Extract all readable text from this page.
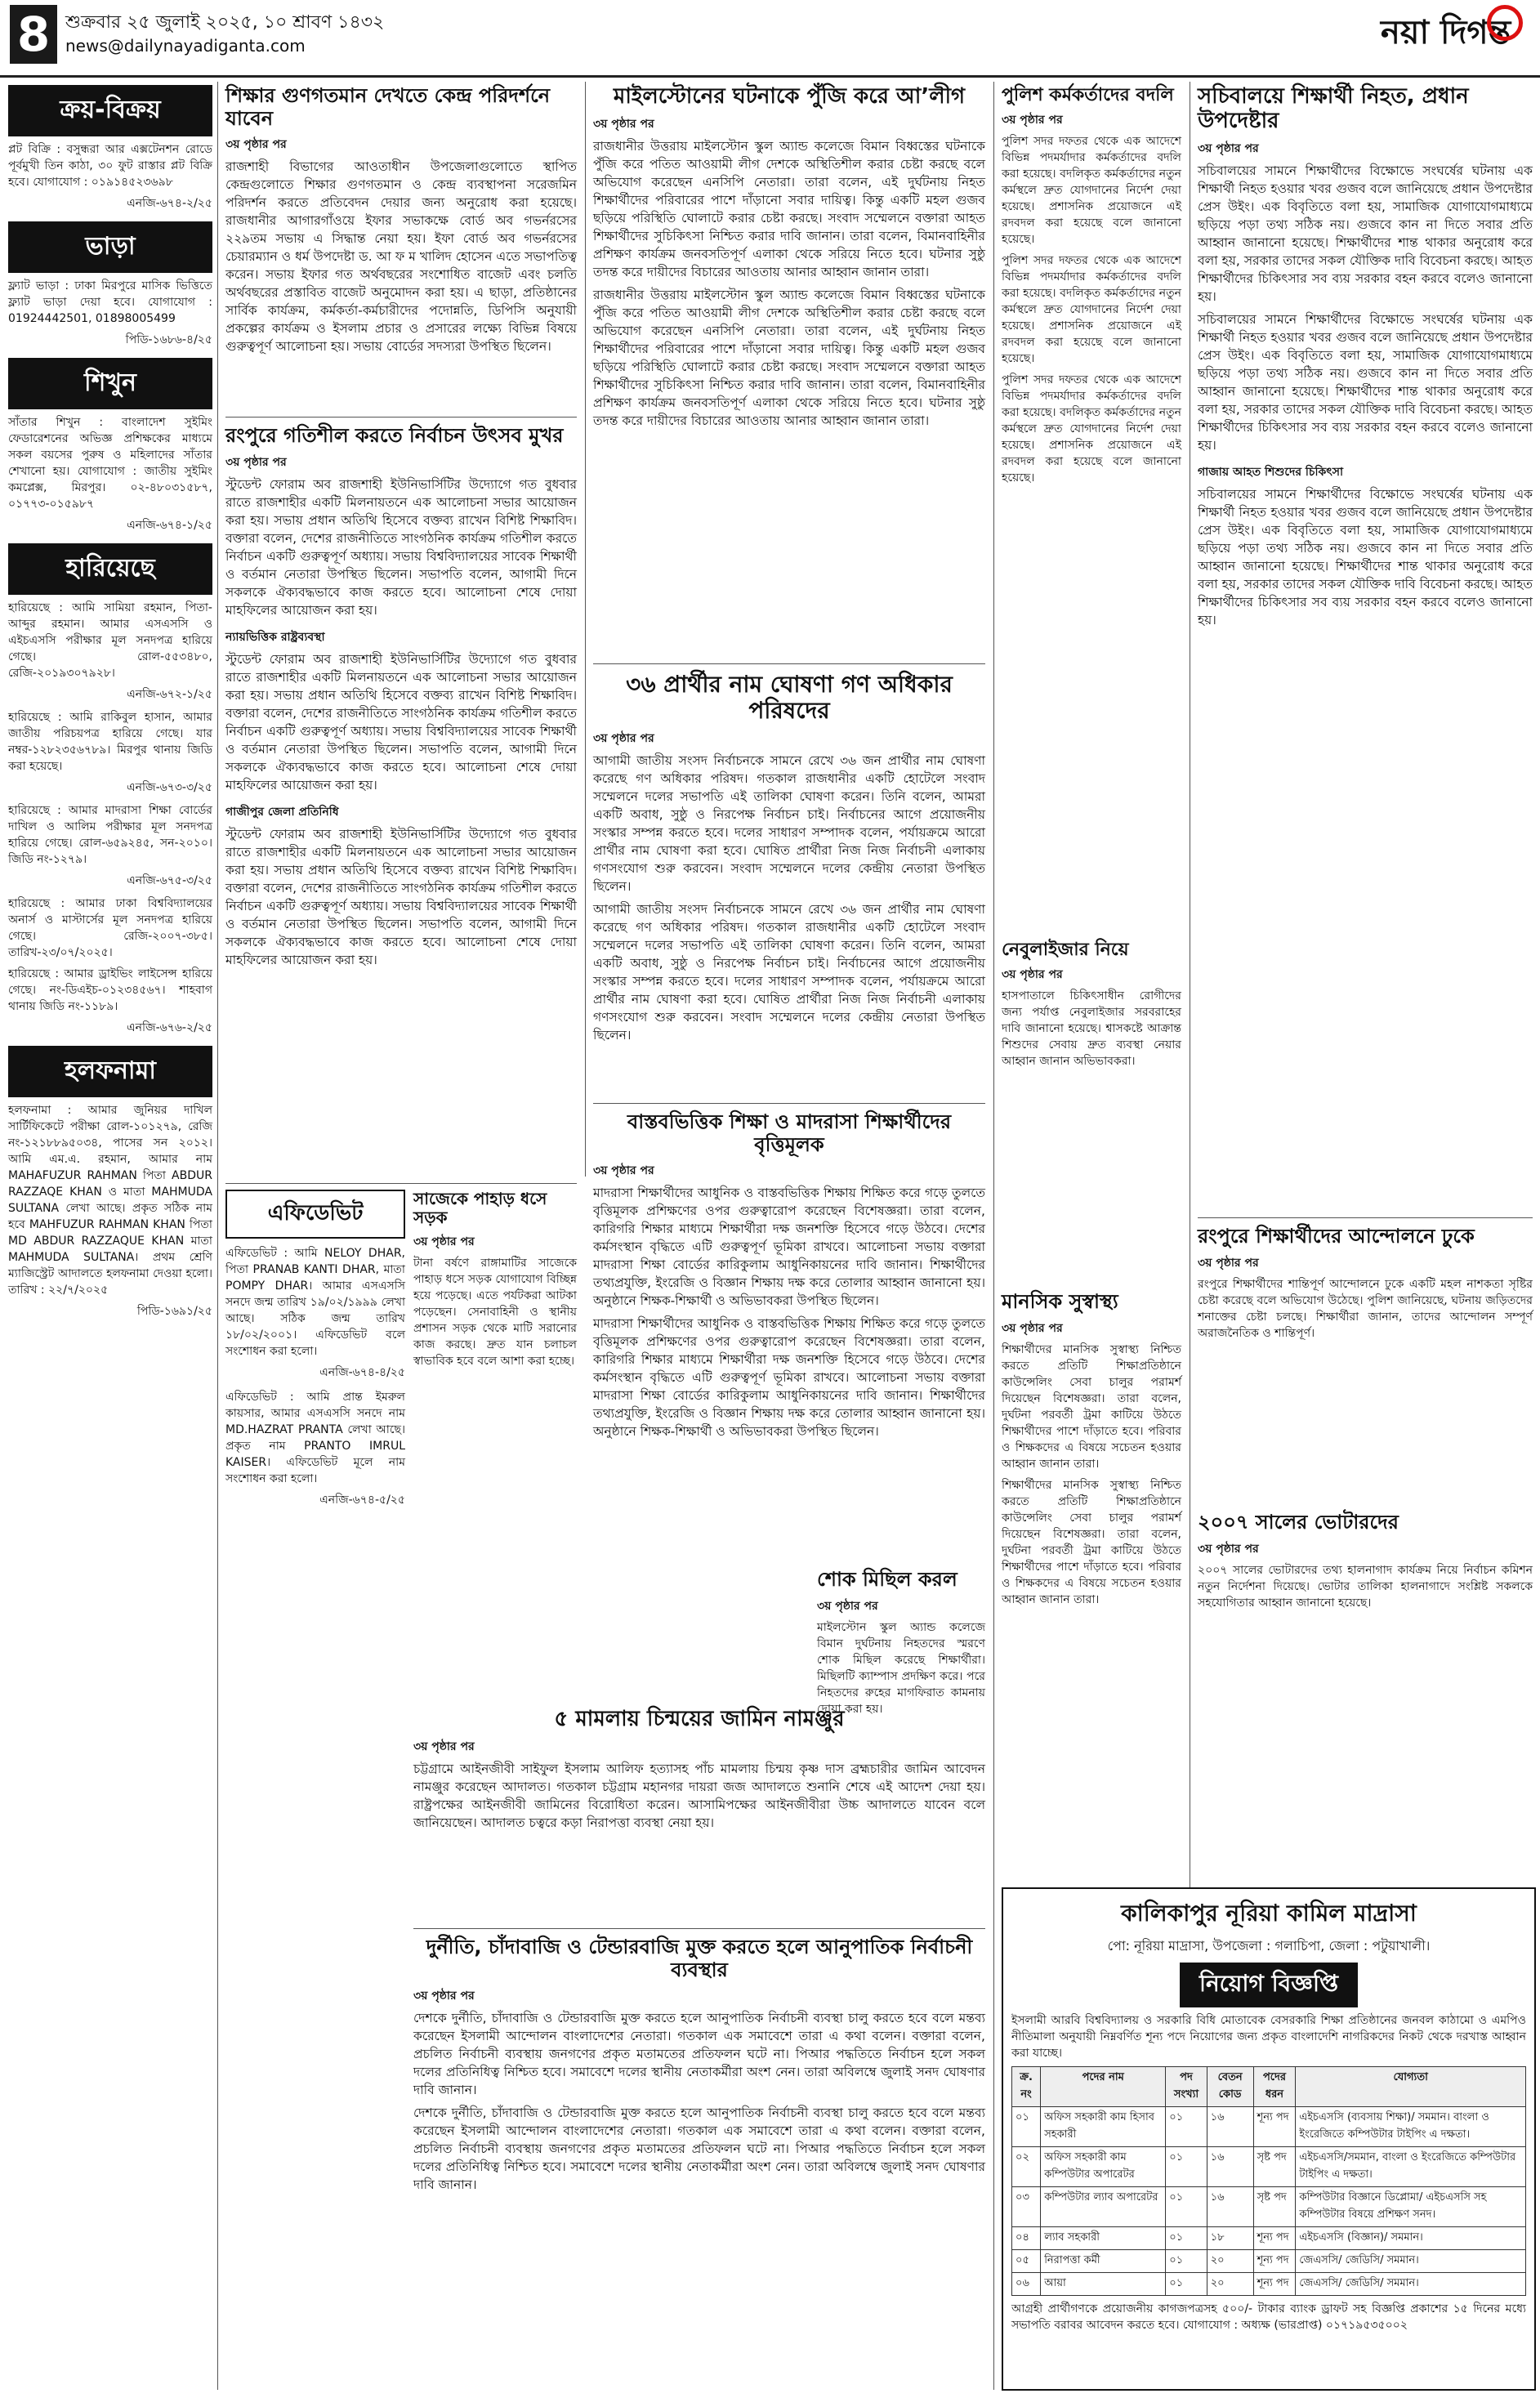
8 শুক্রবার ২৫ জুলাই ২০২৫, ১০ শ্রাবণ ১৪৩২
news@dailynayadiganta.com	নয়া দিগন্ত
ক্রয়-বিক্রয়

প্লট বিক্রি : বসুন্ধরা আর এক্সটেনশন রোডে পূর্বমুখী তিন কাঠা, ৩০ ফুট রাস্তার প্লট বিক্রি হবে। যোগাযোগ : ০১৯১৪৫২৩৬৯৮

এনজি-৬৭৪-২/২৫

ভাড়া

ফ্ল্যাট ভাড়া : ঢাকা মিরপুরে মাসিক ভিত্তিতে ফ্ল্যাট ভাড়া দেয়া হবে। যোগাযোগ : 01924442501, 01898005499

পিডি-১৬৮৬-৪/২৫

শিখুন

সাঁতার শিখুন : বাংলাদেশ সুইমিং ফেডারেশনের অভিজ্ঞ প্রশিক্ষকের মাধ্যমে সকল বয়সের পুরুষ ও মহিলাদের সাঁতার শেখানো হয়। যোগাযোগ : জাতীয় সুইমিং কমপ্লেক্স, মিরপুর। ০২-৪৮০৩১৫৮৭, ০১৭৭৩-০১৫৯৮৭

এনজি-৬৭৪-১/২৫

হারিয়েছে

হারিয়েছে : আমি সামিয়া রহমান, পিতা-আব্দুর রহমান। আমার এসএসসি ও এইচএসসি পরীক্ষার মূল সনদপত্র হারিয়ে গেছে। রোল-৫৫৩৪৮০, রেজি-২০১৯৩০৭৯২৮।

এনজি-৬৭২-১/২৫

হারিয়েছে : আমি রাকিবুল হাসান, আমার জাতীয় পরিচয়পত্র হারিয়ে গেছে। যার নম্বর-১২৮২৩৫৬৭৮৯। মিরপুর থানায় জিডি করা হয়েছে।

এনজি-৬৭৩-৩/২৫

হারিয়েছে : আমার মাদরাসা শিক্ষা বোর্ডের দাখিল ও আলিম পরীক্ষার মূল সনদপত্র হারিয়ে গেছে। রোল-৬৫৯২৪৫, সন-২০১০। জিডি নং-১২৭৯।

এনজি-৬৭৫-৩/২৫

হারিয়েছে : আমার ঢাকা বিশ্ববিদ্যালয়ের অনার্স ও মাস্টার্সের মূল সনদপত্র হারিয়ে গেছে। রেজি-২০০৭-৩৮৫। তারিখ-২৩/০৭/২০২৫।

হারিয়েছে : আমার ড্রাইভিং লাইসেন্স হারিয়ে গেছে। নং-ডিএইচ-০১২৩৪৫৬৭। শাহবাগ থানায় জিডি নং-১১৮৯।

এনজি-৬৭৬-২/২৫

হলফনামা

হলফনামা : আমার জুনিয়র দাখিল সার্টিফিকেটে পরীক্ষা রোল-১০১২৭৯, রেজি নং-১২১৮৮৯৫০৩৪, পাসের সন ২০১২। আমি এম.এ. রহমান, আমার নাম MAHAFUZUR RAHMAN পিতা ABDUR RAZZAQE KHAN ও মাতা MAHMUDA SULTANA লেখা আছে। প্রকৃত সঠিক নাম হবে MAHFUZUR RAHMAN KHAN পিতা MD ABDUR RAZZAQUE KHAN মাতা MAHMUDA SULTANA। প্রথম শ্রেণি ম্যাজিস্ট্রেট আদালতে হলফনামা দেওয়া হলো। তারিখ : ২২/৭/২০২৫

পিডি-১৬৯১/২৫

শিক্ষার গুণগতমান দেখতে কেন্দ্র পরিদর্শনে যাবেন

৩য় পৃষ্ঠার পর

রাজশাহী বিভাগের আওতাধীন উপজেলাগুলোতে স্থাপিত কেন্দ্রগুলোতে শিক্ষার গুণগতমান ও কেন্দ্র ব্যবস্থাপনা সরেজমিন পরিদর্শন করতে প্রতিবেদন দেয়ার জন্য অনুরোধ করা হয়েছে। রাজধানীর আগারগাঁওয়ে ইফার সভাকক্ষে বোর্ড অব গভর্নরসের ২২৯তম সভায় এ সিদ্ধান্ত নেয়া হয়। ইফা বোর্ড অব গভর্নরসের চেয়ারম্যান ও ধর্ম উপদেষ্টা ড. আ ফ ম খালিদ হোসেন এতে সভাপতিত্ব করেন। সভায় ইফার গত অর্থবছরের সংশোধিত বাজেট এবং চলতি অর্থবছরের প্রস্তাবিত বাজেট অনুমোদন করা হয়। এ ছাড়া, প্রতিষ্ঠানের সার্বিক কার্যক্রম, কর্মকর্তা-কর্মচারীদের পদোন্নতি, ডিপিসি অনুযায়ী প্রকল্পের কার্যক্রম ও ইসলাম প্রচার ও প্রসারের লক্ষ্যে বিভিন্ন বিষয়ে গুরুত্বপূর্ণ আলোচনা হয়। সভায় বোর্ডের সদস্যরা উপস্থিত ছিলেন।

রংপুরে গতিশীল করতে নির্বাচন উৎসব মুখর

৩য় পৃষ্ঠার পর

স্টুডেন্ট ফোরাম অব রাজশাহী ইউনিভার্সিটির উদ্যোগে গত বুধবার রাতে রাজশাহীর একটি মিলনায়তনে এক আলোচনা সভার আয়োজন করা হয়। সভায় প্রধান অতিথি হিসেবে বক্তব্য রাখেন বিশিষ্ট শিক্ষাবিদ। বক্তারা বলেন, দেশের রাজনীতিতে সাংগঠনিক কার্যক্রম গতিশীল করতে নির্বাচন একটি গুরুত্বপূর্ণ অধ্যায়। সভায় বিশ্ববিদ্যালয়ের সাবেক শিক্ষার্থী ও বর্তমান নেতারা উপস্থিত ছিলেন। সভাপতি বলেন, আগামী দিনে সকলকে ঐক্যবদ্ধভাবে কাজ করতে হবে। আলোচনা শেষে দোয়া মাহফিলের আয়োজন করা হয়।

ন্যায়ভিত্তিক রাষ্ট্রব্যবস্থা

স্টুডেন্ট ফোরাম অব রাজশাহী ইউনিভার্সিটির উদ্যোগে গত বুধবার রাতে রাজশাহীর একটি মিলনায়তনে এক আলোচনা সভার আয়োজন করা হয়। সভায় প্রধান অতিথি হিসেবে বক্তব্য রাখেন বিশিষ্ট শিক্ষাবিদ। বক্তারা বলেন, দেশের রাজনীতিতে সাংগঠনিক কার্যক্রম গতিশীল করতে নির্বাচন একটি গুরুত্বপূর্ণ অধ্যায়। সভায় বিশ্ববিদ্যালয়ের সাবেক শিক্ষার্থী ও বর্তমান নেতারা উপস্থিত ছিলেন। সভাপতি বলেন, আগামী দিনে সকলকে ঐক্যবদ্ধভাবে কাজ করতে হবে। আলোচনা শেষে দোয়া মাহফিলের আয়োজন করা হয়।

গাজীপুর জেলা প্রতিনিধি

স্টুডেন্ট ফোরাম অব রাজশাহী ইউনিভার্সিটির উদ্যোগে গত বুধবার রাতে রাজশাহীর একটি মিলনায়তনে এক আলোচনা সভার আয়োজন করা হয়। সভায় প্রধান অতিথি হিসেবে বক্তব্য রাখেন বিশিষ্ট শিক্ষাবিদ। বক্তারা বলেন, দেশের রাজনীতিতে সাংগঠনিক কার্যক্রম গতিশীল করতে নির্বাচন একটি গুরুত্বপূর্ণ অধ্যায়। সভায় বিশ্ববিদ্যালয়ের সাবেক শিক্ষার্থী ও বর্তমান নেতারা উপস্থিত ছিলেন। সভাপতি বলেন, আগামী দিনে সকলকে ঐক্যবদ্ধভাবে কাজ করতে হবে। আলোচনা শেষে দোয়া মাহফিলের আয়োজন করা হয়।

এফিডেভিট

এফিডেভিট : আমি NELOY DHAR, পিতা PRANAB KANTI DHAR, মাতা POMPY DHAR। আমার এসএসসি সনদে জন্ম তারিখ ১৯/০২/১৯৯৯ লেখা আছে। সঠিক জন্ম তারিখ ১৮/০২/২০০১। এফিডেভিট বলে সংশোধন করা হলো।

এনজি-৬৭৪-৪/২৫

এফিডেভিট : আমি প্রান্ত ইমরুল কায়সার, আমার এসএসসি সনদে নাম MD.HAZRAT PRANTA লেখা আছে। প্রকৃত নাম PRANTO IMRUL KAISER। এফিডেভিট মূলে নাম সংশোধন করা হলো।

এনজি-৬৭৪-৫/২৫

সাজেকে পাহাড় ধসে সড়ক

৩য় পৃষ্ঠার পর

টানা বর্ষণে রাঙ্গামাটির সাজেকে পাহাড় ধসে সড়ক যোগাযোগ বিচ্ছিন্ন হয়ে পড়েছে। এতে পর্যটকরা আটকা পড়েছেন। সেনাবাহিনী ও স্থানীয় প্রশাসন সড়ক থেকে মাটি সরানোর কাজ করছে। দ্রুত যান চলাচল স্বাভাবিক হবে বলে আশা করা হচ্ছে।

মাইলস্টোনের ঘটনাকে পুঁজি করে আ’লীগ

৩য় পৃষ্ঠার পর

রাজধানীর উত্তরায় মাইলস্টোন স্কুল অ্যান্ড কলেজে বিমান বিধ্বস্তের ঘটনাকে পুঁজি করে পতিত আওয়ামী লীগ দেশকে অস্থিতিশীল করার চেষ্টা করছে বলে অভিযোগ করেছেন এনসিপি নেতারা। তারা বলেন, এই দুর্ঘটনায় নিহত শিক্ষার্থীদের পরিবারের পাশে দাঁড়ানো সবার দায়িত্ব। কিন্তু একটি মহল গুজব ছড়িয়ে পরিস্থিতি ঘোলাটে করার চেষ্টা করছে। সংবাদ সম্মেলনে বক্তারা আহত শিক্ষার্থীদের সুচিকিৎসা নিশ্চিত করার দাবি জানান। তারা বলেন, বিমানবাহিনীর প্রশিক্ষণ কার্যক্রম জনবসতিপূর্ণ এলাকা থেকে সরিয়ে নিতে হবে। ঘটনার সুষ্ঠু তদন্ত করে দায়ীদের বিচারের আওতায় আনার আহ্বান জানান তারা।

রাজধানীর উত্তরায় মাইলস্টোন স্কুল অ্যান্ড কলেজে বিমান বিধ্বস্তের ঘটনাকে পুঁজি করে পতিত আওয়ামী লীগ দেশকে অস্থিতিশীল করার চেষ্টা করছে বলে অভিযোগ করেছেন এনসিপি নেতারা। তারা বলেন, এই দুর্ঘটনায় নিহত শিক্ষার্থীদের পরিবারের পাশে দাঁড়ানো সবার দায়িত্ব। কিন্তু একটি মহল গুজব ছড়িয়ে পরিস্থিতি ঘোলাটে করার চেষ্টা করছে। সংবাদ সম্মেলনে বক্তারা আহত শিক্ষার্থীদের সুচিকিৎসা নিশ্চিত করার দাবি জানান। তারা বলেন, বিমানবাহিনীর প্রশিক্ষণ কার্যক্রম জনবসতিপূর্ণ এলাকা থেকে সরিয়ে নিতে হবে। ঘটনার সুষ্ঠু তদন্ত করে দায়ীদের বিচারের আওতায় আনার আহ্বান জানান তারা।

৩৬ প্রার্থীর নাম ঘোষণা গণ অধিকার পরিষদের

৩য় পৃষ্ঠার পর

আগামী জাতীয় সংসদ নির্বাচনকে সামনে রেখে ৩৬ জন প্রার্থীর নাম ঘোষণা করেছে গণ অধিকার পরিষদ। গতকাল রাজধানীর একটি হোটেলে সংবাদ সম্মেলনে দলের সভাপতি এই তালিকা ঘোষণা করেন। তিনি বলেন, আমরা একটি অবাধ, সুষ্ঠু ও নিরপেক্ষ নির্বাচন চাই। নির্বাচনের আগে প্রয়োজনীয় সংস্কার সম্পন্ন করতে হবে। দলের সাধারণ সম্পাদক বলেন, পর্যায়ক্রমে আরো প্রার্থীর নাম ঘোষণা করা হবে। ঘোষিত প্রার্থীরা নিজ নিজ নির্বাচনী এলাকায় গণসংযোগ শুরু করবেন। সংবাদ সম্মেলনে দলের কেন্দ্রীয় নেতারা উপস্থিত ছিলেন।

আগামী জাতীয় সংসদ নির্বাচনকে সামনে রেখে ৩৬ জন প্রার্থীর নাম ঘোষণা করেছে গণ অধিকার পরিষদ। গতকাল রাজধানীর একটি হোটেলে সংবাদ সম্মেলনে দলের সভাপতি এই তালিকা ঘোষণা করেন। তিনি বলেন, আমরা একটি অবাধ, সুষ্ঠু ও নিরপেক্ষ নির্বাচন চাই। নির্বাচনের আগে প্রয়োজনীয় সংস্কার সম্পন্ন করতে হবে। দলের সাধারণ সম্পাদক বলেন, পর্যায়ক্রমে আরো প্রার্থীর নাম ঘোষণা করা হবে। ঘোষিত প্রার্থীরা নিজ নিজ নির্বাচনী এলাকায় গণসংযোগ শুরু করবেন। সংবাদ সম্মেলনে দলের কেন্দ্রীয় নেতারা উপস্থিত ছিলেন।

বাস্তবভিত্তিক শিক্ষা ও মাদরাসা শিক্ষার্থীদের বৃত্তিমূলক

৩য় পৃষ্ঠার পর

মাদরাসা শিক্ষার্থীদের আধুনিক ও বাস্তবভিত্তিক শিক্ষায় শিক্ষিত করে গড়ে তুলতে বৃত্তিমূলক প্রশিক্ষণের ওপর গুরুত্বারোপ করেছেন বিশেষজ্ঞরা। তারা বলেন, কারিগরি শিক্ষার মাধ্যমে শিক্ষার্থীরা দক্ষ জনশক্তি হিসেবে গড়ে উঠবে। দেশের কর্মসংস্থান বৃদ্ধিতে এটি গুরুত্বপূর্ণ ভূমিকা রাখবে। আলোচনা সভায় বক্তারা মাদরাসা শিক্ষা বোর্ডের কারিকুলাম আধুনিকায়নের দাবি জানান। শিক্ষার্থীদের তথ্যপ্রযুক্তি, ইংরেজি ও বিজ্ঞান শিক্ষায় দক্ষ করে তোলার আহ্বান জানানো হয়। অনুষ্ঠানে শিক্ষক-শিক্ষার্থী ও অভিভাবকরা উপস্থিত ছিলেন।

মাদরাসা শিক্ষার্থীদের আধুনিক ও বাস্তবভিত্তিক শিক্ষায় শিক্ষিত করে গড়ে তুলতে বৃত্তিমূলক প্রশিক্ষণের ওপর গুরুত্বারোপ করেছেন বিশেষজ্ঞরা। তারা বলেন, কারিগরি শিক্ষার মাধ্যমে শিক্ষার্থীরা দক্ষ জনশক্তি হিসেবে গড়ে উঠবে। দেশের কর্মসংস্থান বৃদ্ধিতে এটি গুরুত্বপূর্ণ ভূমিকা রাখবে। আলোচনা সভায় বক্তারা মাদরাসা শিক্ষা বোর্ডের কারিকুলাম আধুনিকায়নের দাবি জানান। শিক্ষার্থীদের তথ্যপ্রযুক্তি, ইংরেজি ও বিজ্ঞান শিক্ষায় দক্ষ করে তোলার আহ্বান জানানো হয়। অনুষ্ঠানে শিক্ষক-শিক্ষার্থী ও অভিভাবকরা উপস্থিত ছিলেন।

শোক মিছিল করল

৩য় পৃষ্ঠার পর

মাইলস্টোন স্কুল অ্যান্ড কলেজে বিমান দুর্ঘটনায় নিহতদের স্মরণে শোক মিছিল করেছে শিক্ষার্থীরা। মিছিলটি ক্যাম্পাস প্রদক্ষিণ করে। পরে নিহতদের রুহের মাগফিরাত কামনায় দোয়া করা হয়।

৫ মামলায় চিন্ময়ের জামিন নামঞ্জুর

৩য় পৃষ্ঠার পর

চট্টগ্রামে আইনজীবী সাইফুল ইসলাম আলিফ হত্যাসহ পাঁচ মামলায় চিন্ময় কৃষ্ণ দাস ব্রহ্মচারীর জামিন আবেদন নামঞ্জুর করেছেন আদালত। গতকাল চট্টগ্রাম মহানগর দায়রা জজ আদালতে শুনানি শেষে এই আদেশ দেয়া হয়। রাষ্ট্রপক্ষের আইনজীবী জামিনের বিরোধিতা করেন। আসামিপক্ষের আইনজীবীরা উচ্চ আদালতে যাবেন বলে জানিয়েছেন। আদালত চত্বরে কড়া নিরাপত্তা ব্যবস্থা নেয়া হয়।

দুর্নীতি, চাঁদাবাজি ও টেন্ডারবাজি মুক্ত করতে হলে আনুপাতিক নির্বাচনী ব্যবস্থার

৩য় পৃষ্ঠার পর

দেশকে দুর্নীতি, চাঁদাবাজি ও টেন্ডারবাজি মুক্ত করতে হলে আনুপাতিক নির্বাচনী ব্যবস্থা চালু করতে হবে বলে মন্তব্য করেছেন ইসলামী আন্দোলন বাংলাদেশের নেতারা। গতকাল এক সমাবেশে তারা এ কথা বলেন। বক্তারা বলেন, প্রচলিত নির্বাচনী ব্যবস্থায় জনগণের প্রকৃত মতামতের প্রতিফলন ঘটে না। পিআর পদ্ধতিতে নির্বাচন হলে সকল দলের প্রতিনিধিত্ব নিশ্চিত হবে। সমাবেশে দলের স্থানীয় নেতাকর্মীরা অংশ নেন। তারা অবিলম্বে জুলাই সনদ ঘোষণার দাবি জানান।

দেশকে দুর্নীতি, চাঁদাবাজি ও টেন্ডারবাজি মুক্ত করতে হলে আনুপাতিক নির্বাচনী ব্যবস্থা চালু করতে হবে বলে মন্তব্য করেছেন ইসলামী আন্দোলন বাংলাদেশের নেতারা। গতকাল এক সমাবেশে তারা এ কথা বলেন। বক্তারা বলেন, প্রচলিত নির্বাচনী ব্যবস্থায় জনগণের প্রকৃত মতামতের প্রতিফলন ঘটে না। পিআর পদ্ধতিতে নির্বাচন হলে সকল দলের প্রতিনিধিত্ব নিশ্চিত হবে। সমাবেশে দলের স্থানীয় নেতাকর্মীরা অংশ নেন। তারা অবিলম্বে জুলাই সনদ ঘোষণার দাবি জানান।

পুলিশ কর্মকর্তাদের বদলি

৩য় পৃষ্ঠার পর

পুলিশ সদর দফতর থেকে এক আদেশে বিভিন্ন পদমর্যাদার কর্মকর্তাদের বদলি করা হয়েছে। বদলিকৃত কর্মকর্তাদের নতুন কর্মস্থলে দ্রুত যোগদানের নির্দেশ দেয়া হয়েছে। প্রশাসনিক প্রয়োজনে এই রদবদল করা হয়েছে বলে জানানো হয়েছে।

পুলিশ সদর দফতর থেকে এক আদেশে বিভিন্ন পদমর্যাদার কর্মকর্তাদের বদলি করা হয়েছে। বদলিকৃত কর্মকর্তাদের নতুন কর্মস্থলে দ্রুত যোগদানের নির্দেশ দেয়া হয়েছে। প্রশাসনিক প্রয়োজনে এই রদবদল করা হয়েছে বলে জানানো হয়েছে।

পুলিশ সদর দফতর থেকে এক আদেশে বিভিন্ন পদমর্যাদার কর্মকর্তাদের বদলি করা হয়েছে। বদলিকৃত কর্মকর্তাদের নতুন কর্মস্থলে দ্রুত যোগদানের নির্দেশ দেয়া হয়েছে। প্রশাসনিক প্রয়োজনে এই রদবদল করা হয়েছে বলে জানানো হয়েছে।

নেবুলাইজার নিয়ে

৩য় পৃষ্ঠার পর

হাসপাতালে চিকিৎসাধীন রোগীদের জন্য পর্যাপ্ত নেবুলাইজার সরবরাহের দাবি জানানো হয়েছে। শ্বাসকষ্টে আক্রান্ত শিশুদের সেবায় দ্রুত ব্যবস্থা নেয়ার আহ্বান জানান অভিভাবকরা।

মানসিক সুস্বাস্থ্য

৩য় পৃষ্ঠার পর

শিক্ষার্থীদের মানসিক সুস্বাস্থ্য নিশ্চিত করতে প্রতিটি শিক্ষাপ্রতিষ্ঠানে কাউন্সেলিং সেবা চালুর পরামর্শ দিয়েছেন বিশেষজ্ঞরা। তারা বলেন, দুর্ঘটনা পরবর্তী ট্রমা কাটিয়ে উঠতে শিক্ষার্থীদের পাশে দাঁড়াতে হবে। পরিবার ও শিক্ষকদের এ বিষয়ে সচেতন হওয়ার আহ্বান জানান তারা।

শিক্ষার্থীদের মানসিক সুস্বাস্থ্য নিশ্চিত করতে প্রতিটি শিক্ষাপ্রতিষ্ঠানে কাউন্সেলিং সেবা চালুর পরামর্শ দিয়েছেন বিশেষজ্ঞরা। তারা বলেন, দুর্ঘটনা পরবর্তী ট্রমা কাটিয়ে উঠতে শিক্ষার্থীদের পাশে দাঁড়াতে হবে। পরিবার ও শিক্ষকদের এ বিষয়ে সচেতন হওয়ার আহ্বান জানান তারা।

সচিবালয়ে শিক্ষার্থী নিহত, প্রধান উপদেষ্টার

৩য় পৃষ্ঠার পর

সচিবালয়ের সামনে শিক্ষার্থীদের বিক্ষোভে সংঘর্ষের ঘটনায় এক শিক্ষার্থী নিহত হওয়ার খবর গুজব বলে জানিয়েছে প্রধান উপদেষ্টার প্রেস উইং। এক বিবৃতিতে বলা হয়, সামাজিক যোগাযোগমাধ্যমে ছড়িয়ে পড়া তথ্য সঠিক নয়। গুজবে কান না দিতে সবার প্রতি আহ্বান জানানো হয়েছে। শিক্ষার্থীদের শান্ত থাকার অনুরোধ করে বলা হয়, সরকার তাদের সকল যৌক্তিক দাবি বিবেচনা করছে। আহত শিক্ষার্থীদের চিকিৎসার সব ব্যয় সরকার বহন করবে বলেও জানানো হয়।

সচিবালয়ের সামনে শিক্ষার্থীদের বিক্ষোভে সংঘর্ষের ঘটনায় এক শিক্ষার্থী নিহত হওয়ার খবর গুজব বলে জানিয়েছে প্রধান উপদেষ্টার প্রেস উইং। এক বিবৃতিতে বলা হয়, সামাজিক যোগাযোগমাধ্যমে ছড়িয়ে পড়া তথ্য সঠিক নয়। গুজবে কান না দিতে সবার প্রতি আহ্বান জানানো হয়েছে। শিক্ষার্থীদের শান্ত থাকার অনুরোধ করে বলা হয়, সরকার তাদের সকল যৌক্তিক দাবি বিবেচনা করছে। আহত শিক্ষার্থীদের চিকিৎসার সব ব্যয় সরকার বহন করবে বলেও জানানো হয়।

গাজায় আহত শিশুদের চিকিৎসা

সচিবালয়ের সামনে শিক্ষার্থীদের বিক্ষোভে সংঘর্ষের ঘটনায় এক শিক্ষার্থী নিহত হওয়ার খবর গুজব বলে জানিয়েছে প্রধান উপদেষ্টার প্রেস উইং। এক বিবৃতিতে বলা হয়, সামাজিক যোগাযোগমাধ্যমে ছড়িয়ে পড়া তথ্য সঠিক নয়। গুজবে কান না দিতে সবার প্রতি আহ্বান জানানো হয়েছে। শিক্ষার্থীদের শান্ত থাকার অনুরোধ করে বলা হয়, সরকার তাদের সকল যৌক্তিক দাবি বিবেচনা করছে। আহত শিক্ষার্থীদের চিকিৎসার সব ব্যয় সরকার বহন করবে বলেও জানানো হয়।

রংপুরে শিক্ষার্থীদের আন্দোলনে ঢুকে

৩য় পৃষ্ঠার পর

রংপুরে শিক্ষার্থীদের শান্তিপূর্ণ আন্দোলনে ঢুকে একটি মহল নাশকতা সৃষ্টির চেষ্টা করেছে বলে অভিযোগ উঠেছে। পুলিশ জানিয়েছে, ঘটনায় জড়িতদের শনাক্তের চেষ্টা চলছে। শিক্ষার্থীরা জানান, তাদের আন্দোলন সম্পূর্ণ অরাজনৈতিক ও শান্তিপূর্ণ।

২০০৭ সালের ভোটারদের

৩য় পৃষ্ঠার পর

২০০৭ সালের ভোটারদের তথ্য হালনাগাদ কার্যক্রম নিয়ে নির্বাচন কমিশন নতুন নির্দেশনা দিয়েছে। ভোটার তালিকা হালনাগাদে সংশ্লিষ্ট সকলকে সহযোগিতার আহ্বান জানানো হয়েছে।

কালিকাপুর নূরিয়া কামিল মাদ্রাসা
পো: নূরিয়া মাদ্রাসা, উপজেলা : গলাচিপা, জেলা : পটুয়াখালী।
নিয়োগ বিজ্ঞপ্তি

ইসলামী আরবি বিশ্ববিদ্যালয় ও সরকারি বিধি মোতাবেক বেসরকারি শিক্ষা প্রতিষ্ঠানের জনবল কাঠামো ও এমপিও নীতিমালা অনুযায়ী নিম্নবর্ণিত শূন্য পদে নিয়োগের জন্য প্রকৃত বাংলাদেশি নাগরিকদের নিকট থেকে দরখাস্ত আহ্বান করা যাচ্ছে।

ক্র. নং	পদের নাম	পদ সংখ্যা	বেতন কোড	পদের ধরন	যোগ্যতা
০১	অফিস সহকারী কাম হিসাব সহকারী	০১	১৬	শূন্য পদ	এইচএসসি (ব্যবসায় শিক্ষা)/ সমমান। বাংলা ও ইংরেজিতে কম্পিউটার টাইপিং এ দক্ষতা।
০২	অফিস সহকারী কাম কম্পিউটার অপারেটর	০১	১৬	সৃষ্ট পদ	এইচএসসি/সমমান, বাংলা ও ইংরেজিতে কম্পিউটার টাইপিং এ দক্ষতা।
০৩	কম্পিউটার ল্যাব অপারেটর	০১	১৬	সৃষ্ট পদ	কম্পিউটার বিজ্ঞানে ডিপ্লোমা/ এইচএসসি সহ কম্পিউটার বিষয়ে প্রশিক্ষণ সনদ।
০৪	ল্যাব সহকারী	০১	১৮	শূন্য পদ	এইচএসসি (বিজ্ঞান)/ সমমান।
০৫	নিরাপত্তা কর্মী	০১	২০	শূন্য পদ	জেএসসি/ জেডিসি/ সমমান।
০৬	আয়া	০১	২০	শূন্য পদ	জেএসসি/ জেডিসি/ সমমান।

আগ্রহী প্রার্থীগণকে প্রয়োজনীয় কাগজপত্রসহ ৫০০/- টাকার ব্যাংক ড্রাফট সহ বিজ্ঞপ্তি প্রকাশের ১৫ দিনের মধ্যে সভাপতি বরাবর আবেদন করতে হবে। যোগাযোগ : অধ্যক্ষ (ভারপ্রাপ্ত) ০১৭১৯৫৩৫০০২
